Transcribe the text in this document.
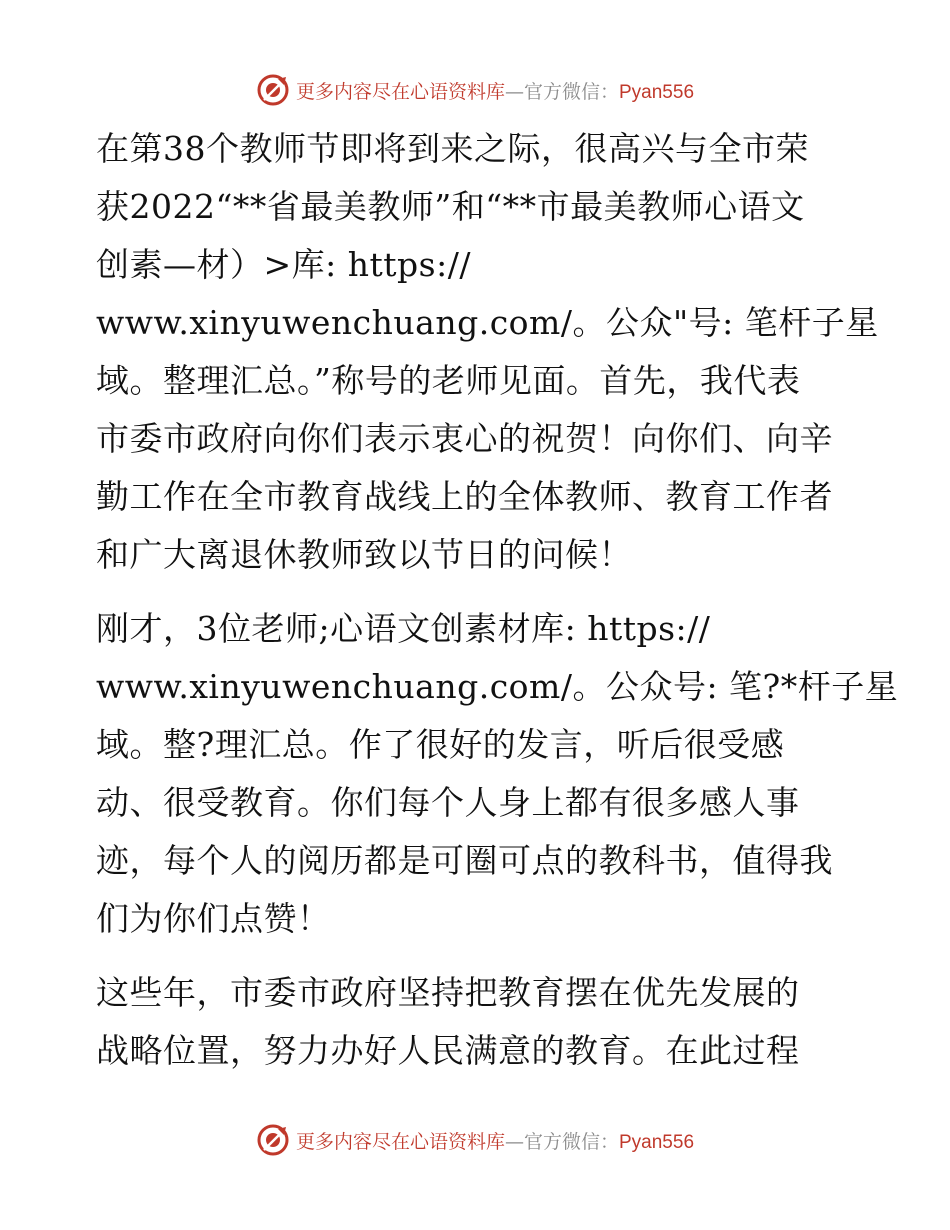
更多内容尽在心语资料库—官方微信：Pyan556
在第38个教师节即将到来之际，很高兴与全市荣
获2022“**省最美教师”和“**市最美教师心语文
创素—材）>库: https://
www.xinyuwenchuang.com/。公众"号: 笔杆子星
域。整理汇总。”称号的老师见面。首先，我代表
市委市政府向你们表示衷心的祝贺！向你们、向辛
勤工作在全市教育战线上的全体教师、教育工作者
和广大离退休教师致以节日的问候！
刚才，3位老师;心语文创素材库: https://
www.xinyuwenchuang.com/。公众号: 笔?*杆子星
域。整?理汇总。作了很好的发言，听后很受感
动、很受教育。你们每个人身上都有很多感人事
迹，每个人的阅历都是可圈可点的教科书，值得我
们为你们点赞！
这些年，市委市政府坚持把教育摆在优先发展的
战略位置，努力办好人民满意的教育。在此过程
更多内容尽在心语资料库—官方微信：Pyan556
